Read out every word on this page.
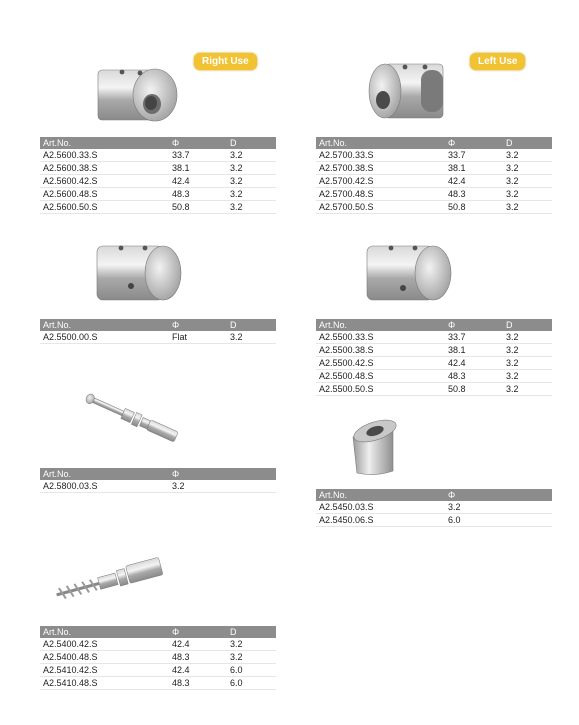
Right Use	Left Use
Art.No.	Φ	D
A2.5600.33.S	33.7	3.2
A2.5600.38.S	38.1	3.2
A2.5600.42.S	42.4	3.2
A2.5600.48.S	48.3	3.2
A2.5600.50.S	50.8	3.2
Art.No.	Φ	D
A2.5700.33.S	33.7	3.2
A2.5700.38.S	38.1	3.2
A2.5700.42.S	42.4	3.2
A2.5700.48.S	48.3	3.2
A2.5700.50.S	50.8	3.2
Art.No.	Φ	D
A2.5500.00.S	Flat	3.2
Art.No.	Φ	D
A2.5500.33.S	33.7	3.2
A2.5500.38.S	38.1	3.2
A2.5500.42.S	42.4	3.2
A2.5500.48.S	48.3	3.2
A2.5500.50.S	50.8	3.2
Art.No.	Φ
A2.5800.03.S	3.2
Art.No.	Φ
A2.5450.03.S	3.2
A2.5450.06.S	6.0
Art.No.	Φ	D
A2.5400.42.S	42.4	3.2
A2.5400.48.S	48.3	3.2
A2.5410.42.S	42.4	6.0
A2.5410.48.S	48.3	6.0
